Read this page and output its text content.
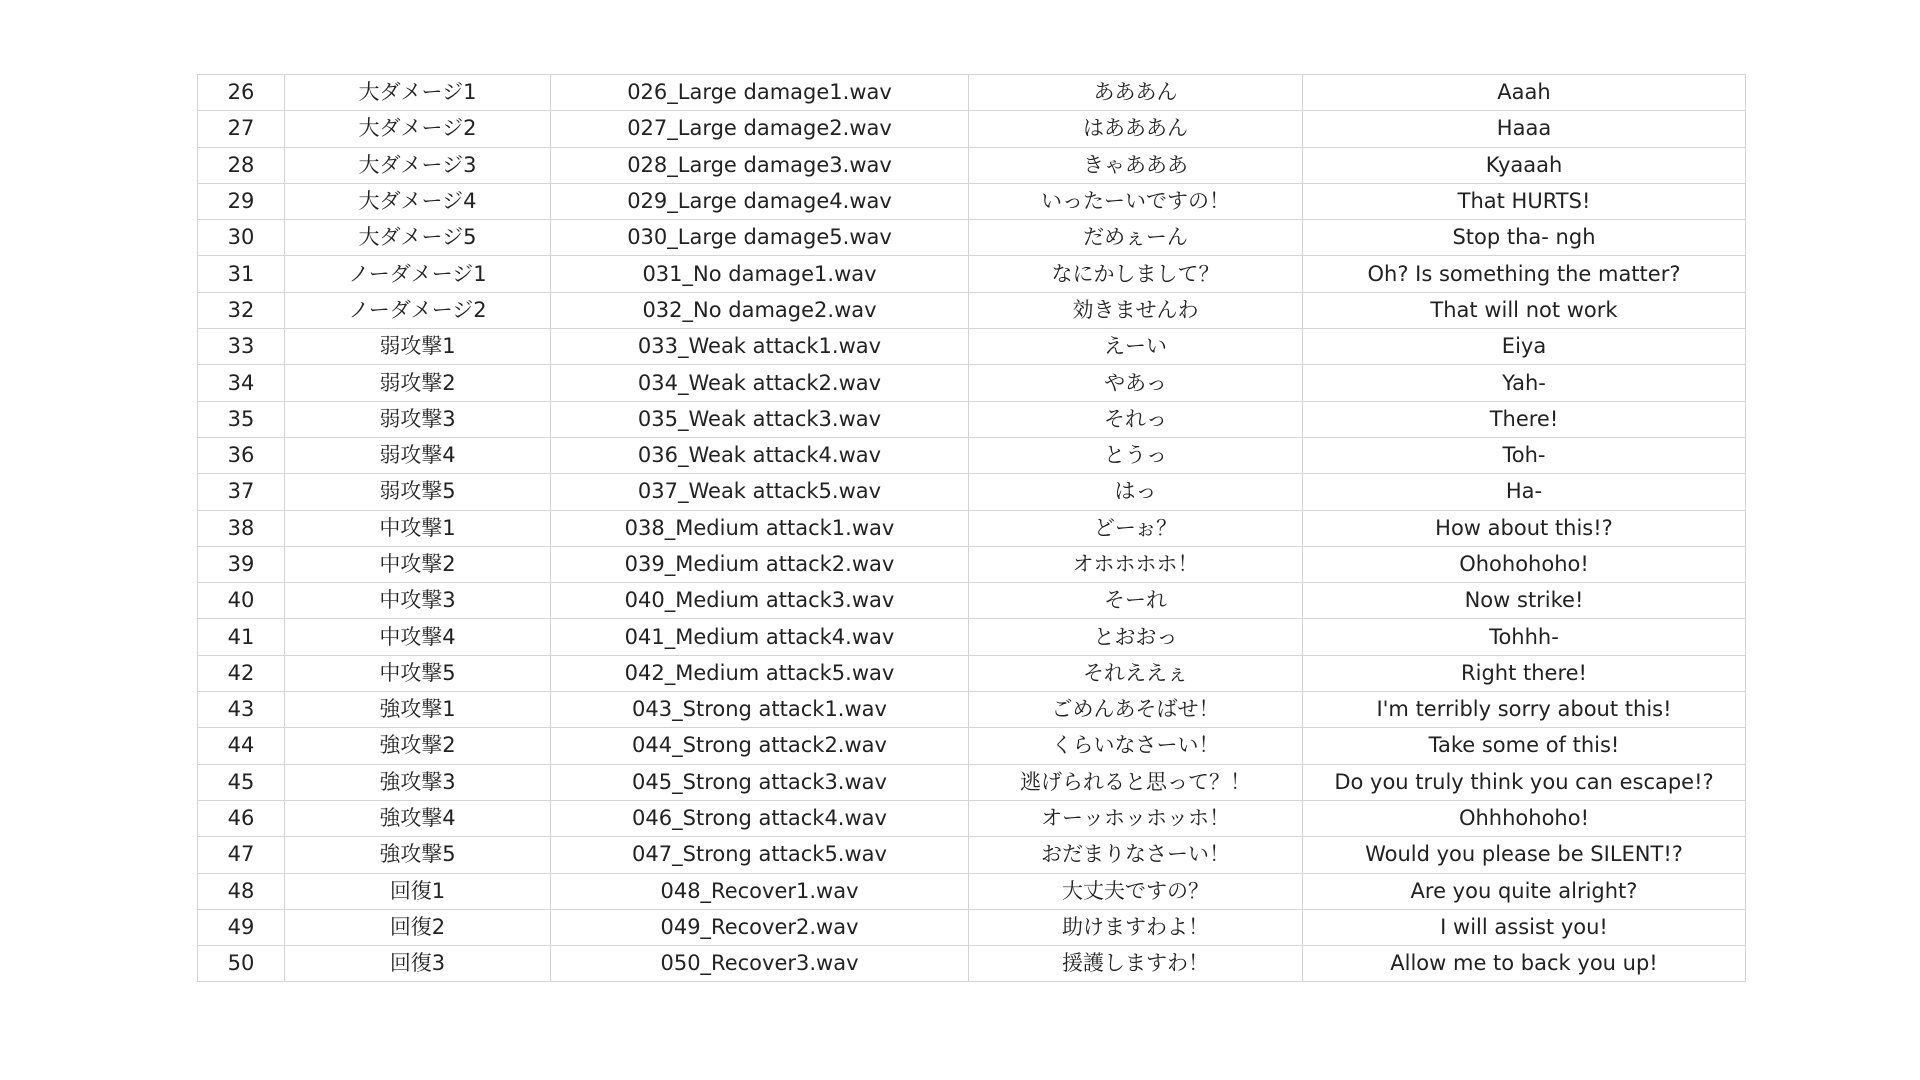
26	大ダメージ1	026_Large damage1.wav	あああん	Aaah
27	大ダメージ2	027_Large damage2.wav	はあああん	Haaa
28	大ダメージ3	028_Large damage3.wav	きゃあああ	Kyaaah
29	大ダメージ4	029_Large damage4.wav	いったーいですの！	That HURTS!
30	大ダメージ5	030_Large damage5.wav	だめぇーん	Stop tha- ngh
31	ノーダメージ1	031_No damage1.wav	なにかしまして？	Oh? Is something the matter?
32	ノーダメージ2	032_No damage2.wav	効きませんわ	That will not work
33	弱攻撃1	033_Weak attack1.wav	えーい	Eiya
34	弱攻撃2	034_Weak attack2.wav	やあっ	Yah-
35	弱攻撃3	035_Weak attack3.wav	それっ	There!
36	弱攻撃4	036_Weak attack4.wav	とうっ	Toh-
37	弱攻撃5	037_Weak attack5.wav	はっ	Ha-
38	中攻撃1	038_Medium attack1.wav	どーぉ？	How about this!?
39	中攻撃2	039_Medium attack2.wav	オホホホホ！	Ohohohoho!
40	中攻撃3	040_Medium attack3.wav	そーれ	Now strike!
41	中攻撃4	041_Medium attack4.wav	とおおっ	Tohhh-
42	中攻撃5	042_Medium attack5.wav	それええぇ	Right there!
43	強攻撃1	043_Strong attack1.wav	ごめんあそばせ！	I'm terribly sorry about this!
44	強攻撃2	044_Strong attack2.wav	くらいなさーい！	Take some of this!
45	強攻撃3	045_Strong attack3.wav	逃げられると思って？！	Do you truly think you can escape!?
46	強攻撃4	046_Strong attack4.wav	オーッホッホッホ！	Ohhhohoho!
47	強攻撃5	047_Strong attack5.wav	おだまりなさーい！	Would you please be SILENT!?
48	回復1	048_Recover1.wav	大丈夫ですの？	Are you quite alright?
49	回復2	049_Recover2.wav	助けますわよ！	I will assist you!
50	回復3	050_Recover3.wav	援護しますわ！	Allow me to back you up!
